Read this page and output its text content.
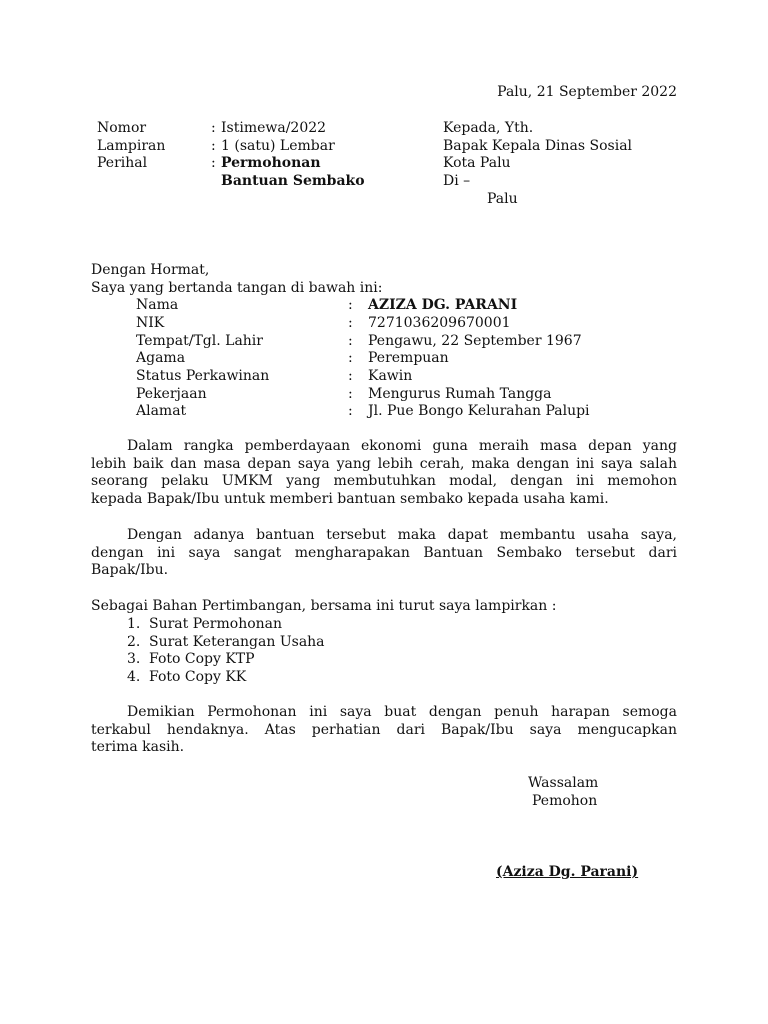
Palu, 21 September 2022
Nomor	: Istimewa/2022
Lampiran	: 1 (satu) Lembar
Perihal	: Permohonan
Bantuan Sembako
Kepada, Yth.
Bapak Kepala Dinas Sosial
Kota Palu
Di –
Palu
Dengan Hormat,
Saya yang bertanda tangan di bawah ini:
Nama	: AZIZA DG. PARANI
NIK	: 7271036209670001
Tempat/Tgl. Lahir	: Pengawu, 22 September 1967
Agama	: Perempuan
Status Perkawinan	: Kawin
Pekerjaan	: Mengurus Rumah Tangga
Alamat	: Jl. Pue Bongo Kelurahan Palupi
Dalam rangka pemberdayaan ekonomi guna meraih masa depan yang
lebih baik dan masa depan saya yang lebih cerah, maka dengan ini saya salah
seorang pelaku UMKM yang membutuhkan modal, dengan ini memohon
kepada Bapak/Ibu untuk memberi bantuan sembako kepada usaha kami.
Dengan adanya bantuan tersebut maka dapat membantu usaha saya,
dengan ini saya sangat mengharapakan Bantuan Sembako tersebut dari
Bapak/Ibu.
Sebagai Bahan Pertimbangan, bersama ini turut saya lampirkan :
1. Surat Permohonan
2. Surat Keterangan Usaha
3. Foto Copy KTP
4. Foto Copy KK
Demikian Permohonan ini saya buat dengan penuh harapan semoga
terkabul hendaknya. Atas perhatian dari Bapak/Ibu saya mengucapkan
terima kasih.
Wassalam
Pemohon
(Aziza Dg. Parani)
